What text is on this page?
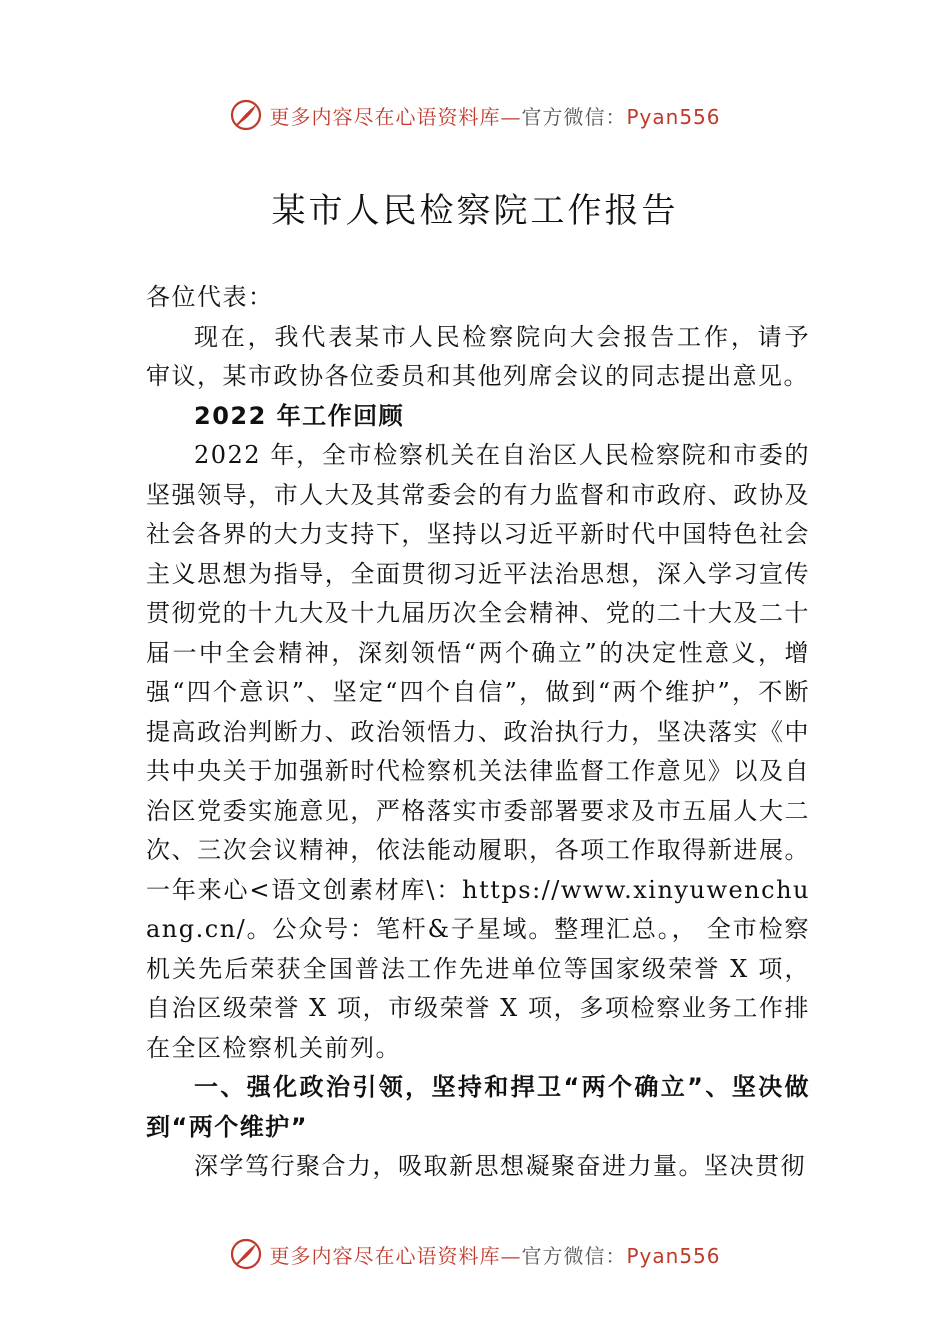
更多内容尽在心语资料库—官方微信：Pyan556
某市人民检察院工作报告

各位代表：

现在，我代表某市人民检察院向大会报告工作，请予 审议，某市政协各位委员和其他列席会议的同志提出意见。

2022 年工作回顾

2022 年，全市检察机关在自治区人民检察院和市委的坚强领导，市人大及其常委会的有力监督和市政府、政协及社会各界的大力支持下，坚持以习近平新时代中国特色社会主义思想为指导，全面贯彻习近平法治思想，深入学习宣传贯彻党的十九大及十九届历次全会精神、党的二十大及二十届一中全会精神，深刻领悟“两个确立”的决定性意义，增强“四个意识”、坚定“四个自信”，做到“两个维护”，不断提高政治判断力、政治领悟力、政治执行力，坚决落实《中共中央关于加强新时代检察机关法律监督工作意见》以及自治区党委实施意见，严格落实市委部署要求及市五届人大二次、三次会议精神，依法能动履职，各项工作取得新进展。一年来心<语文创素材库\：https://www.xinyuwenchuang.cn/。公众号：笔杆&子星域。整理汇总。， 全市检察机关先后荣获全国普法工作先进单位等国家级荣誉 X 项，自治区级荣誉 X 项，市级荣誉 X 项，多项检察业务工作排在全区检察机关前列。

一、强化政治引领，坚持和捍卫“两个确立”、坚决做到“两个维护”

深学笃行聚合力，吸取新思想凝聚奋进力量。坚决贯彻

更多内容尽在心语资料库—官方微信：Pyan556
